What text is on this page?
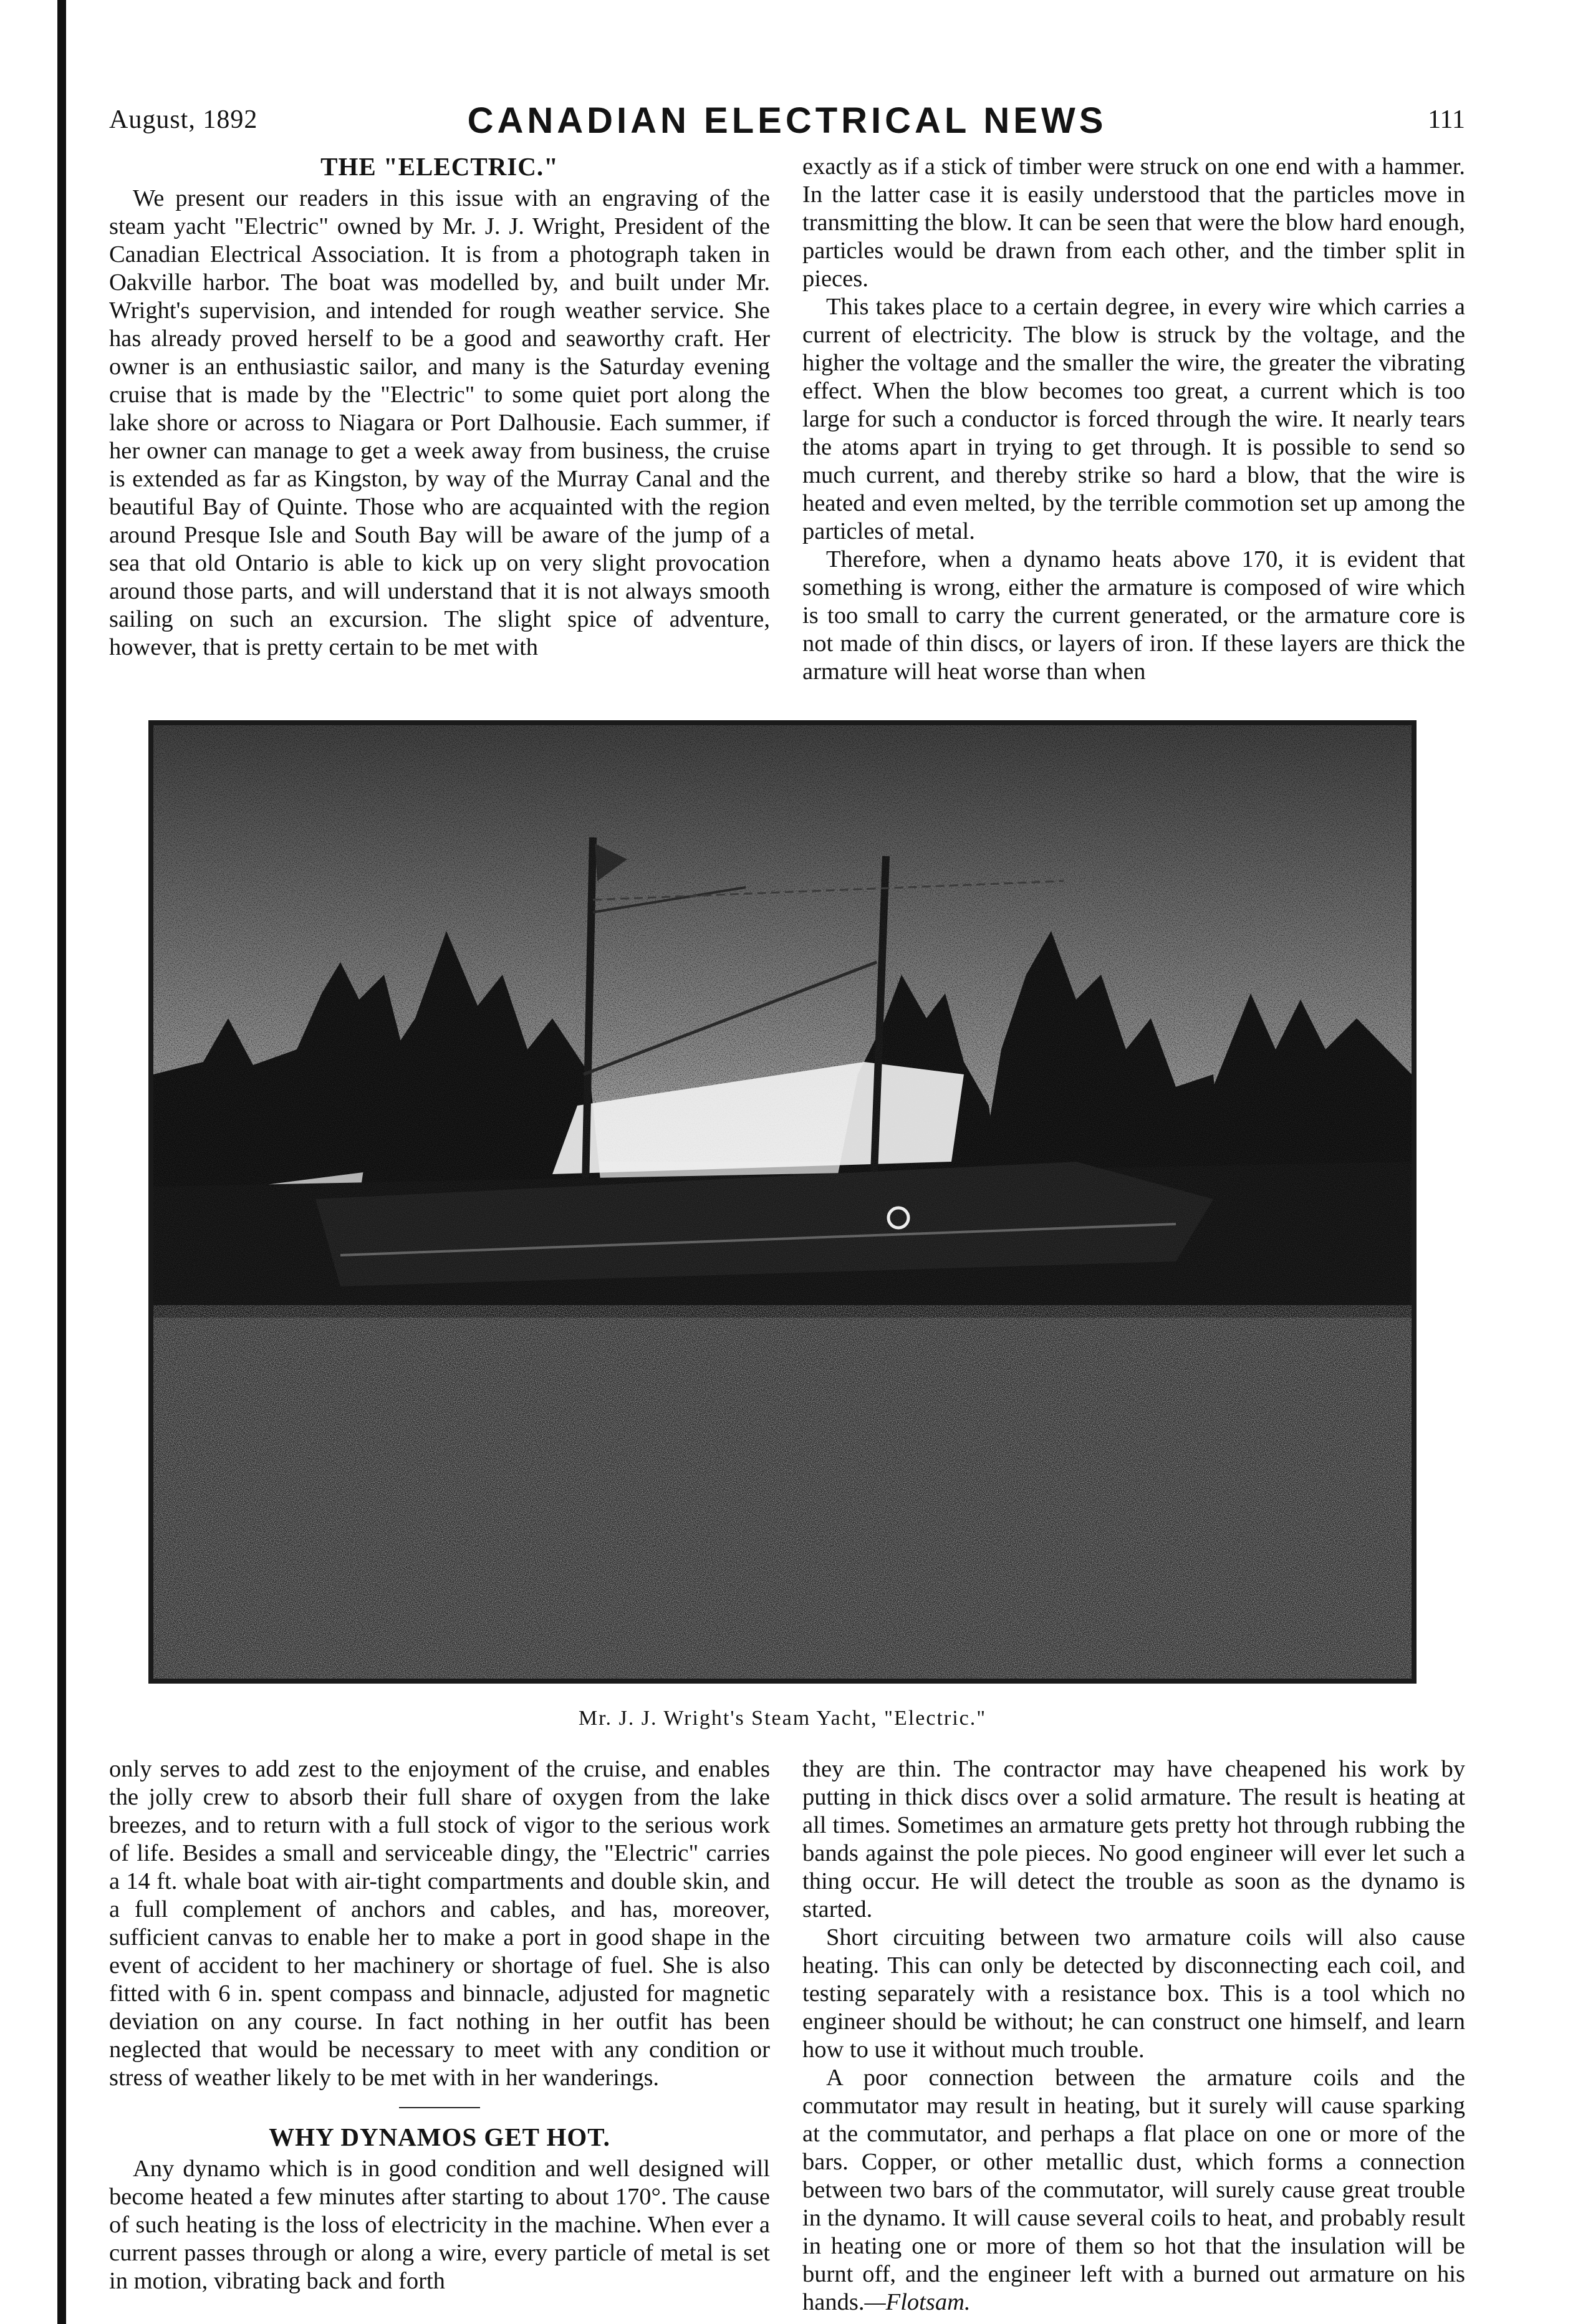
August, 1892	CANADIAN ELECTRICAL NEWS	111
THE "ELECTRIC."

We present our readers in this issue with an engraving of the steam yacht "Electric" owned by Mr. J. J. Wright, President of the Canadian Electrical Association. It is from a photograph taken in Oakville harbor. The boat was modelled by, and built under Mr. Wright's supervision, and intended for rough weather service. She has already proved herself to be a good and seaworthy craft. Her owner is an enthusiastic sailor, and many is the Saturday evening cruise that is made by the "Electric" to some quiet port along the lake shore or across to Niagara or Port Dalhousie. Each summer, if her owner can manage to get a week away from business, the cruise is extended as far as Kingston, by way of the Murray Canal and the beautiful Bay of Quinte. Those who are acquainted with the region around Presque Isle and South Bay will be aware of the jump of a sea that old Ontario is able to kick up on very slight provocation around those parts, and will understand that it is not always smooth sailing on such an excursion. The slight spice of adventure, however, that is pretty certain to be met with

exactly as if a stick of timber were struck on one end with a hammer. In the latter case it is easily understood that the particles move in transmitting the blow. It can be seen that were the blow hard enough, particles would be drawn from each other, and the timber split in pieces.

This takes place to a certain degree, in every wire which carries a current of electricity. The blow is struck by the voltage, and the higher the voltage and the smaller the wire, the greater the vibrating effect. When the blow becomes too great, a current which is too large for such a conductor is forced through the wire. It nearly tears the atoms apart in trying to get through. It is possible to send so much current, and thereby strike so hard a blow, that the wire is heated and even melted, by the terrible commotion set up among the particles of metal.

Therefore, when a dynamo heats above 170, it is evident that something is wrong, either the armature is composed of wire which is too small to carry the current generated, or the armature core is not made of thin discs, or layers of iron. If these layers are thick the armature will heat worse than when

Mr. J. J. Wright's Steam Yacht, "Electric."

only serves to add zest to the enjoyment of the cruise, and enables the jolly crew to absorb their full share of oxygen from the lake breezes, and to return with a full stock of vigor to the serious work of life. Besides a small and serviceable dingy, the "Electric" carries a 14 ft. whale boat with air-tight compartments and double skin, and a full complement of anchors and cables, and has, moreover, sufficient canvas to enable her to make a port in good shape in the event of accident to her machinery or shortage of fuel. She is also fitted with 6 in. spent compass and binnacle, adjusted for magnetic deviation on any course. In fact nothing in her outfit has been neglected that would be necessary to meet with any condition or stress of weather likely to be met with in her wanderings.

WHY DYNAMOS GET HOT.

Any dynamo which is in good condition and well designed will become heated a few minutes after starting to about 170°. The cause of such heating is the loss of electricity in the machine. When ever a current passes through or along a wire, every particle of metal is set in motion, vibrating back and forth

they are thin. The contractor may have cheapened his work by putting in thick discs over a solid armature. The result is heating at all times. Sometimes an armature gets pretty hot through rubbing the bands against the pole pieces. No good engineer will ever let such a thing occur. He will detect the trouble as soon as the dynamo is started.

Short circuiting between two armature coils will also cause heating. This can only be detected by disconnecting each coil, and testing separately with a resistance box. This is a tool which no engineer should be without; he can construct one himself, and learn how to use it without much trouble.

A poor connection between the armature coils and the commutator may result in heating, but it surely will cause sparking at the commutator, and perhaps a flat place on one or more of the bars. Copper, or other metallic dust, which forms a connection between two bars of the commutator, will surely cause great trouble in the dynamo. It will cause several coils to heat, and probably result in heating one or more of them so hot that the insulation will be burnt off, and the engineer left with a burned out armature on his hands.—Flotsam.
